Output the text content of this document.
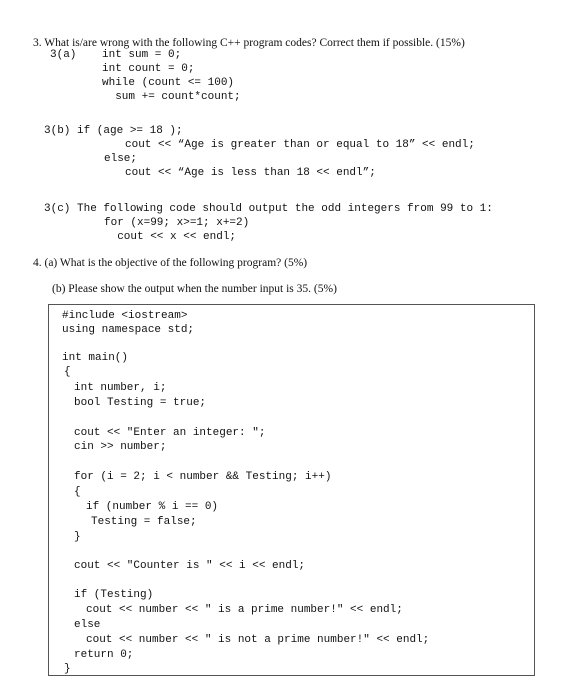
3. What is/are wrong with the following C++ program codes? Correct them if possible. (15%)
3(a) int sum = 0;
int count = 0;
while (count <= 100)
sum += count*count;
3(b) if (age >= 18 );
cout << “Age is greater than or equal to 18” << endl;
else;
cout << “Age is less than 18 << endl”;
3(c) The following code should output the odd integers from 99 to 1:
for (x=99; x>=1; x+=2)
cout << x << endl;
4. (a) What is the objective of the following program? (5%)
(b) Please show the output when the number input is 35. (5%)
#include <iostream>
using namespace std;
int main()
{
int number, i;
bool Testing = true;
cout << "Enter an integer: ";
cin >> number;
for (i = 2; i < number && Testing; i++)
{
if (number % i == 0)
Testing = false;
}
cout << "Counter is " << i << endl;
if (Testing)
cout << number << " is a prime number!" << endl;
else
cout << number << " is not a prime number!" << endl;
return 0;
}
